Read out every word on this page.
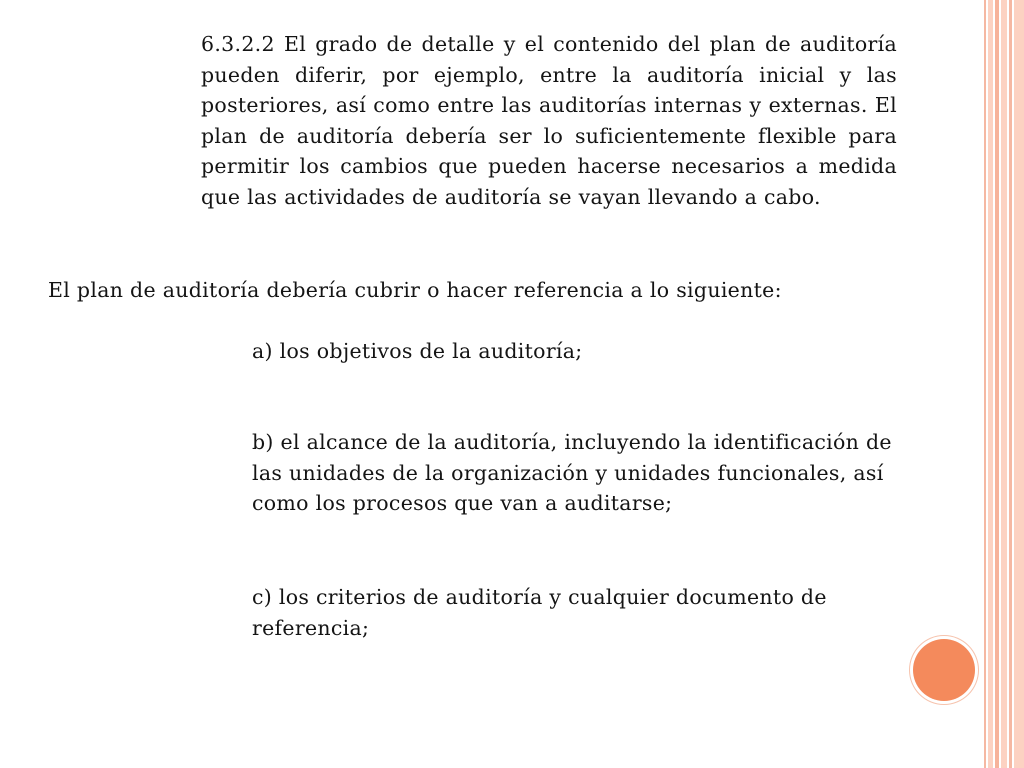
6.3.2.2 El grado de detalle y el contenido del plan de auditoría pueden diferir, por ejemplo, entre la auditoría inicial y las posteriores, así como entre las auditorías internas y externas. El plan de auditoría debería ser lo suficientemente flexible para permitir los cambios que pueden hacerse necesarios a medida que las actividades de auditoría se vayan llevando a cabo.
El plan de auditoría debería cubrir o hacer referencia a lo siguiente:
a) los objetivos de la auditoría;
b) el alcance de la auditoría, incluyendo la identificación de las unidades de la organización y unidades funcionales, así como los procesos que van a auditarse;
c) los criterios de auditoría y cualquier documento de referencia;
